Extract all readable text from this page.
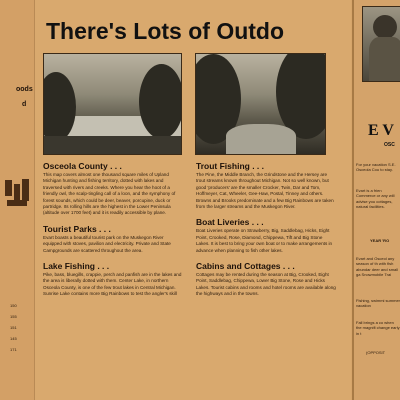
oods
d
150
155
151
145
171
There's Lots of Outdo
Osceola County . . .

This map covers almost one thousand square miles of Upland Michigan hunting and fishing territory, dotted with lakes and traversed with rivers and creeks. Where you hear the hoot of a friendly owl, the scalp-tingling call of a loon, and the symphony of forest sounds, which could be deer, beaver, porcupine, duck or partridge. Its rolling hills are the highest in the Lower Peninsula (altitude over 1700 feet) and it is readily accessible by plane.

Tourist Parks . . .

Evart boasts a beautiful tourist park on the Muskegon River equipped with stoves, pavilion and electricity. Private and State Campgrounds are scattered throughout the area.

Lake Fishing . . .

Pike, bass, bluegills, crappie, perch and panfish are in the lakes and the area is liberally dotted with them. Center Lake, in northern Osceola County, is one of the few trout lakes in Central Michigan. Sunrise Lake contains more Big Rainbows to test the angler's skill

Trout Fishing . . .

The Pine, the Middle Branch, the Grindstone and the Hersey are trout streams known throughout Michigan. Not so well known, but good 'producers' are the smaller Crocker, Twin, Dar and Tom, Hoffmeyer, Cat, Wheeler, Gee-Haw, Postal, Tinney and others. Browns and Brooks predominate and a few Big Rainbows are taken from the larger streams and the Muskegon River.

Boat Liveries . . .

Boat Liveries operate on Strawberry, Big, Saddlebag, Hicks, Eight Point, Crooked, Rose, Diamond, Chippewa, Tift and Big Stone Lakes. It is best to bring your own boat or to make arrangements in advance when planning to fish other lakes.

Cabins and Cottages . . .

Cottages may be rented during the season at Big, Crooked, Eight Point, Saddlebag, Chippewa, Lower Big Stone, Rose and Hicks Lakes. Tourist cabins and rooms and hotel rooms are available along the highways and in the towns.

E V
OSC
For your vacation S.E. Osceola Cou to stay.
Evart is a frien Commerce or any will advise you cottages, natural facilities.
YEAR 'RO
Evart and Osceol any season of th with fish abundar deer and small ga Snowmobile Trai
Fishing, swimmi summer vacation
Fall brings a co when the magnifi change early in t
(OPPOSIT
